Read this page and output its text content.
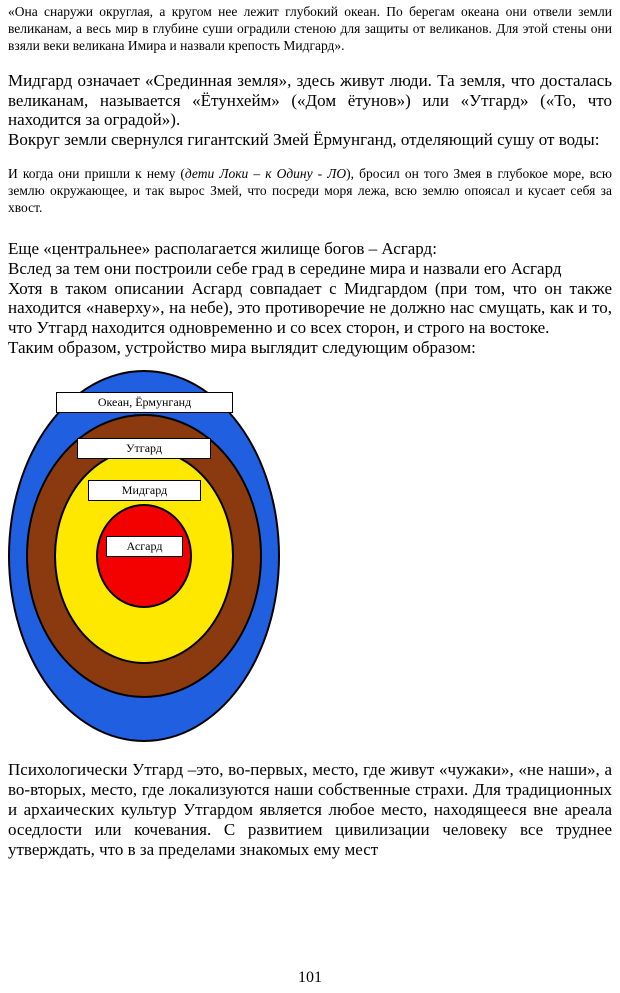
«Она снаружи округлая, а кругом нее лежит глубокий океан. По берегам океана они отвели земли великанам, а весь мир в глубине суши оградили стеною для защиты от великанов. Для этой стены они взяли веки великана Имира и назвали крепость Мидгард».

Мидгард означает «Срединная земля», здесь живут люди. Та земля, что досталась великанам, называется «Ётунхейм» («Дом ётунов») или «Утгард» («То, что находится за оградой»).

Вокруг земли свернулся гигантский Змей Ёрмунганд, отделяющий сушу от воды:

И когда они пришли к нему (дети Локи – к Одину - ЛО), бросил он того Змея в глубокое море, всю землю окружающее, и так вырос Змей, что посреди моря лежа, всю землю опоясал и кусает себя за хвост.

Еще «центральнее» располагается жилище богов – Асгард:

Вслед за тем они построили себе град в середине мира и назвали его Асгард

Хотя в таком описании Асгард совпадает с Мидгардом (при том, что он также находится «наверху», на небе), это противоречие не должно нас смущать, как и то, что Утгард находится одновременно и со всех сторон, и строго на востоке.

Таким образом, устройство мира выглядит следующим образом:

Океан, Ёрмунганд
Утгард
Мидгард
Асгард

Психологически Утгард –это, во-первых, место, где живут «чужаки», «не наши», а во-вторых, место, где локализуются наши собственные страхи. Для традиционных и архаических культур Утгардом является любое место, находящееся вне ареала оседлости или кочевания. С развитием цивилизации человеку все труднее утверждать, что в за пределами знакомых ему мест

101
